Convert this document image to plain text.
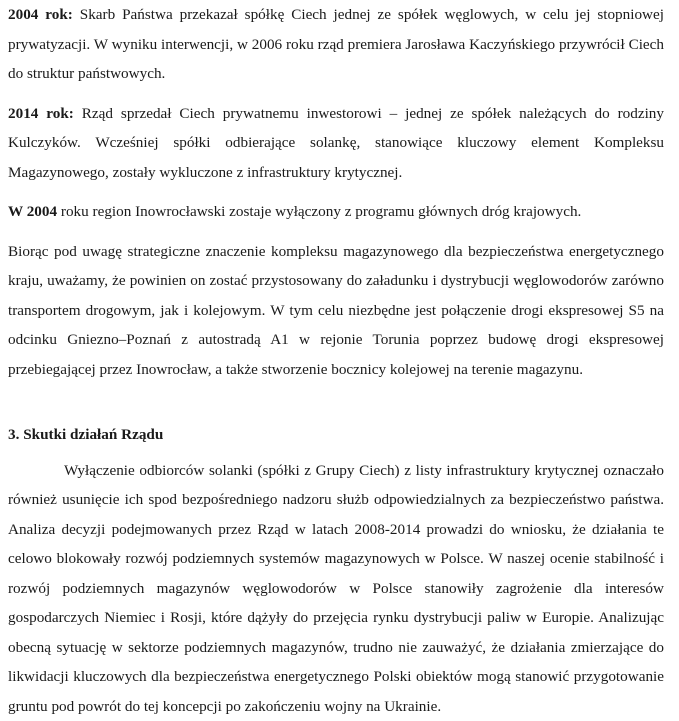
2004 rok: Skarb Państwa przekazał spółkę Ciech jednej ze spółek węglowych, w celu jej stopniowej prywatyzacji. W wyniku interwencji, w 2006 roku rząd premiera Jarosława Kaczyńskiego przywrócił Ciech do struktur państwowych.

2014 rok: Rząd sprzedał Ciech prywatnemu inwestorowi – jednej ze spółek należących do rodziny Kulczyków. Wcześniej spółki odbierające solankę, stanowiące kluczowy element Kompleksu Magazynowego, zostały wykluczone z infrastruktury krytycznej.

W 2004 roku region Inowrocławski zostaje wyłączony z programu głównych dróg krajowych.

Biorąc pod uwagę strategiczne znaczenie kompleksu magazynowego dla bezpieczeństwa energetycznego kraju, uważamy, że powinien on zostać przystosowany do załadunku i dystrybucji węglowodorów zarówno transportem drogowym, jak i kolejowym. W tym celu niezbędne jest połączenie drogi ekspresowej S5 na odcinku Gniezno–Poznań z autostradą A1 w rejonie Torunia poprzez budowę drogi ekspresowej przebiegającej przez Inowrocław, a także stworzenie bocznicy kolejowej na terenie magazynu.

3. Skutki działań Rządu

Wyłączenie odbiorców solanki (spółki z Grupy Ciech) z listy infrastruktury krytycznej oznaczało również usunięcie ich spod bezpośredniego nadzoru służb odpowiedzialnych za bezpieczeństwo państwa. Analiza decyzji podejmowanych przez Rząd w latach 2008-2014 prowadzi do wniosku, że działania te celowo blokowały rozwój podziemnych systemów magazynowych w Polsce. W naszej ocenie stabilność i rozwój podziemnych magazynów węglowodorów w Polsce stanowiły zagrożenie dla interesów gospodarczych Niemiec i Rosji, które dążyły do przejęcia rynku dystrybucji paliw w Europie. Analizując obecną sytuację w sektorze podziemnych magazynów, trudno nie zauważyć, że działania zmierzające do likwidacji kluczowych dla bezpieczeństwa energetycznego Polski obiektów mogą stanowić przygotowanie gruntu pod powrót do tej koncepcji po zakończeniu wojny na Ukrainie.
